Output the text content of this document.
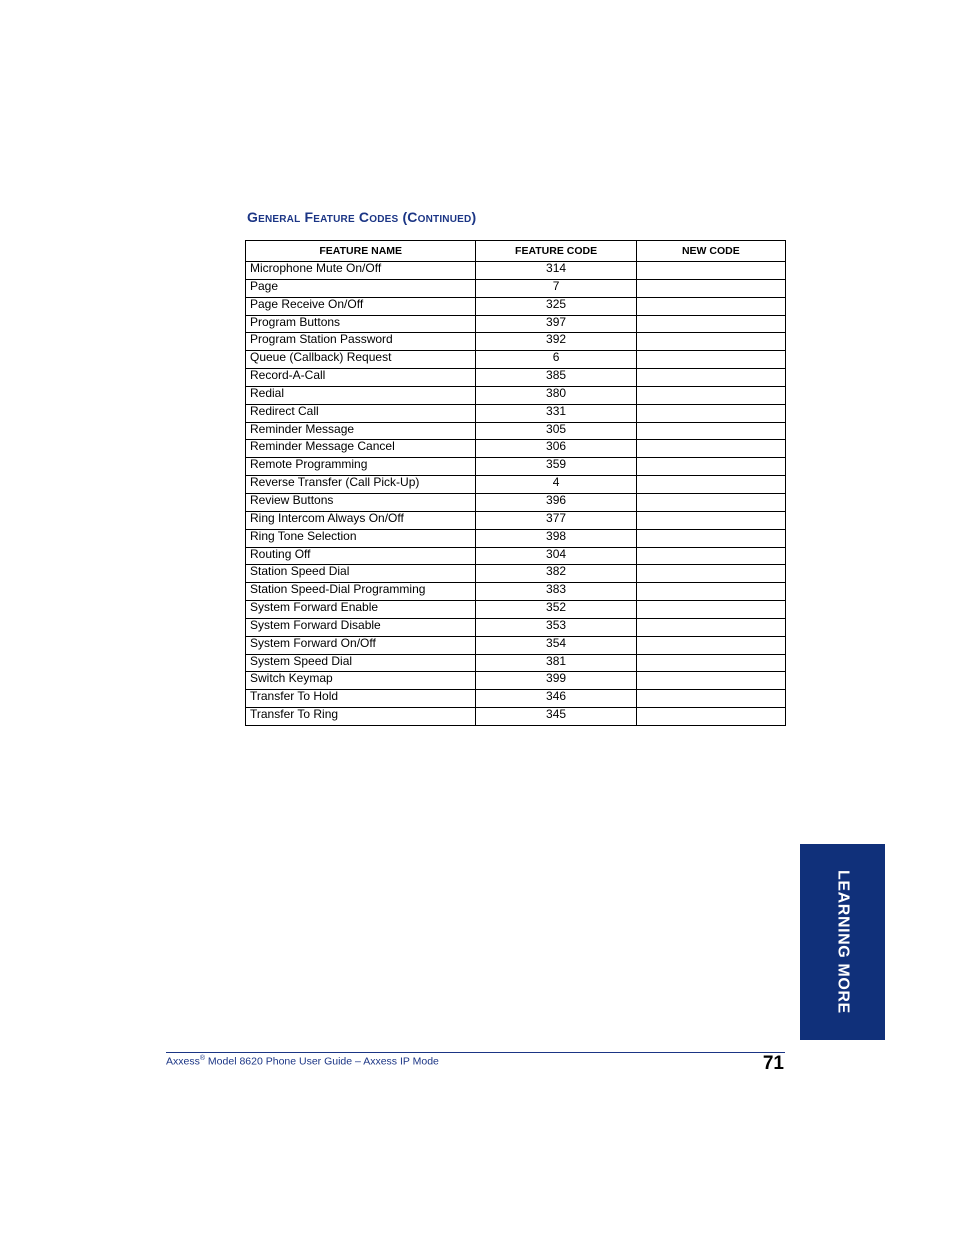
General Feature Codes (Continued)
FEATURE NAME	FEATURE CODE	NEW CODE
Microphone Mute On/Off	314	
Page	7	
Page Receive On/Off	325	
Program Buttons	397	
Program Station Password	392	
Queue (Callback) Request	6	
Record-A-Call	385	
Redial	380	
Redirect Call	331	
Reminder Message	305	
Reminder Message Cancel	306	
Remote Programming	359	
Reverse Transfer (Call Pick-Up)	4	
Review Buttons	396	
Ring Intercom Always On/Off	377	
Ring Tone Selection	398	
Routing Off	304	
Station Speed Dial	382	
Station Speed-Dial Programming	383	
System Forward Enable	352	
System Forward Disable	353	
System Forward On/Off	354	
System Speed Dial	381	
Switch Keymap	399	
Transfer To Hold	346	
Transfer To Ring	345	
LEARNING MORE
Axxess® Model 8620 Phone User Guide – Axxess IP Mode	71
